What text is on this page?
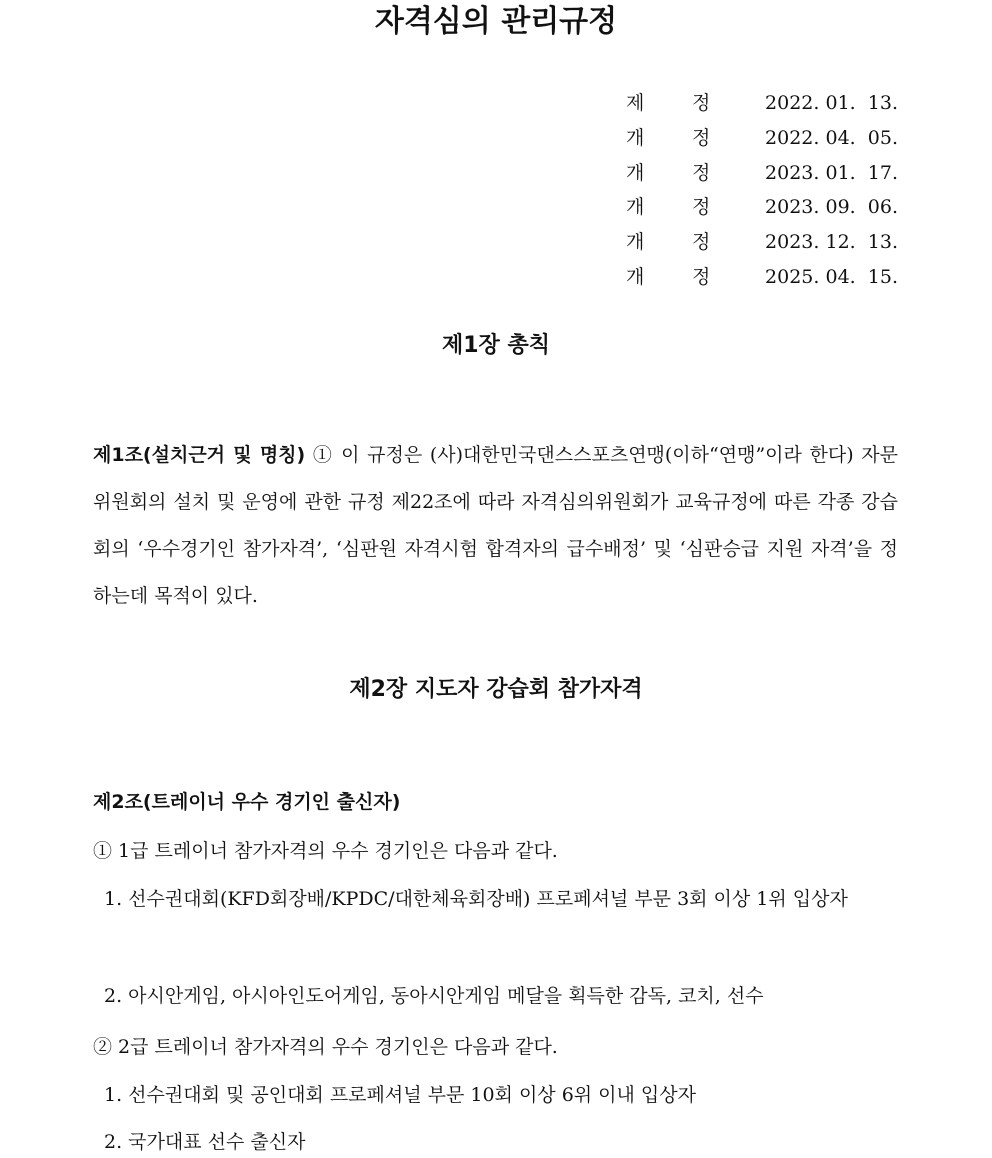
자격심의 관리규정
제	정	2022. 01.  13.
개	정	2022. 04.  05.
개	정	2023. 01.  17.
개	정	2023. 09.  06.
개	정	2023. 12.  13.
개	정	2025. 04.  15.
제1장 총칙
제1조(설치근거 및 명칭) ① 이 규정은 (사)대한민국댄스스포츠연맹(이하“연맹”이라 한다) 자문위원회의 설치 및 운영에 관한 규정 제22조에 따라 자격심의위원회가 교육규정에 따른 각종 강습회의 ‘우수경기인 참가자격’, ‘심판원 자격시험 합격자의 급수배정’ 및 ‘심판승급 지원 자격’을 정하는데 목적이 있다.
제2장 지도자 강습회 참가자격
제2조(트레이너 우수 경기인 출신자)
① 1급 트레이너 참가자격의 우수 경기인은 다음과 같다.
1. 선수권대회(KFD회장배/KPDC/대한체육회장배) 프로페셔널 부문 3회 이상 1위 입상자
2. 아시안게임, 아시아인도어게임, 동아시안게임 메달을 획득한 감독, 코치, 선수
② 2급 트레이너 참가자격의 우수 경기인은 다음과 같다.
1. 선수권대회 및 공인대회 프로페셔널 부문 10회 이상 6위 이내 입상자
2. 국가대표 선수 출신자
